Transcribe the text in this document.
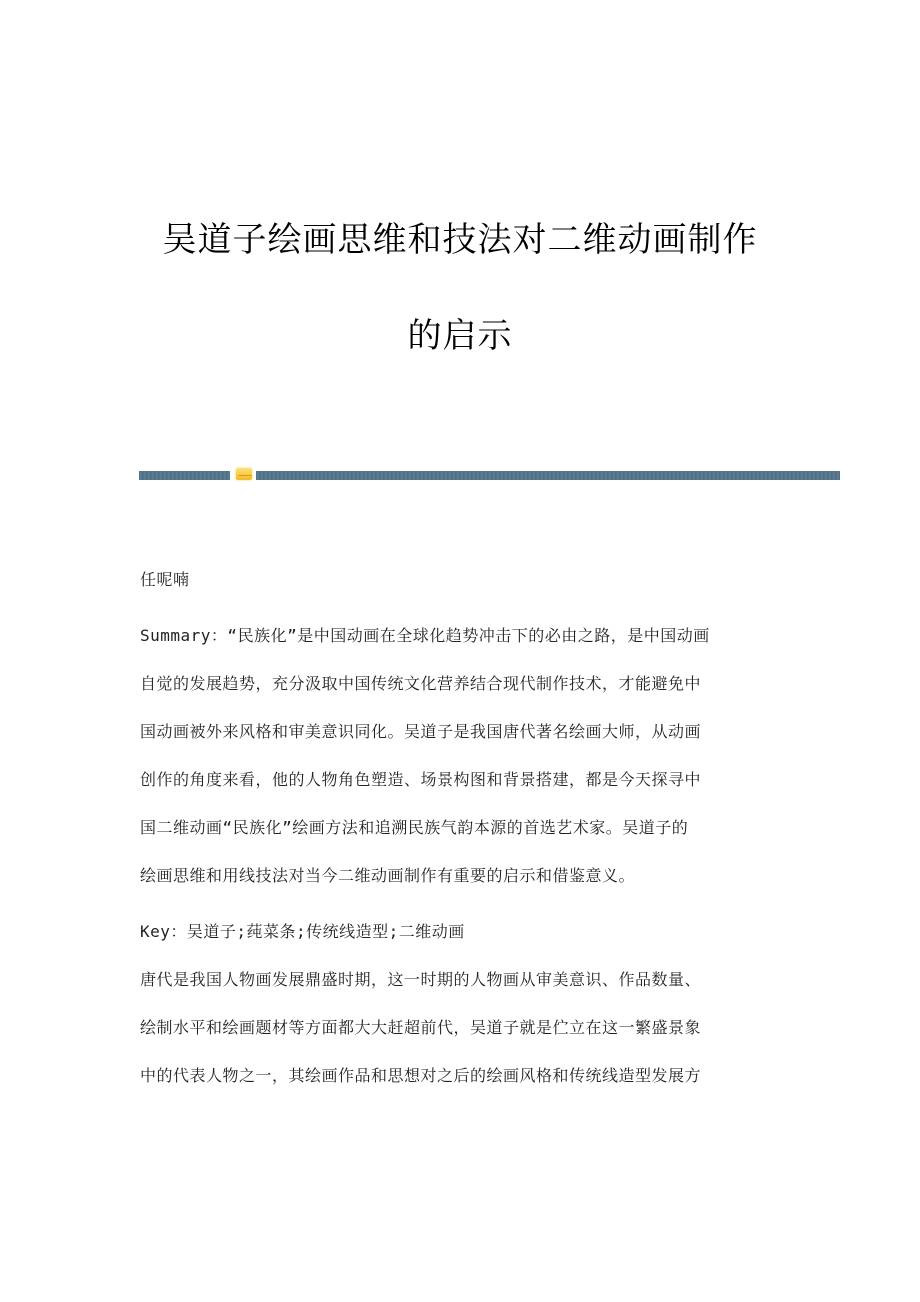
吴道子绘画思维和技法对二维动画制作
的启示

任呢喃

Summary：“民族化”是中国动画在全球化趋势冲击下的必由之路，是中国动画
自觉的发展趋势，充分汲取中国传统文化营养结合现代制作技术，才能避免中
国动画被外来风格和审美意识同化。吴道子是我国唐代著名绘画大师，从动画
创作的角度来看，他的人物角色塑造、场景构图和背景搭建，都是今天探寻中
国二维动画“民族化”绘画方法和追溯民族气韵本源的首选艺术家。吴道子的
绘画思维和用线技法对当今二维动画制作有重要的启示和借鉴意义。

Key：吴道子;莼菜条;传统线造型;二维动画

唐代是我国人物画发展鼎盛时期，这一时期的人物画从审美意识、作品数量、
绘制水平和绘画题材等方面都大大赶超前代，吴道子就是伫立在这一繁盛景象
中的代表人物之一，其绘画作品和思想对之后的绘画风格和传统线造型发展方
